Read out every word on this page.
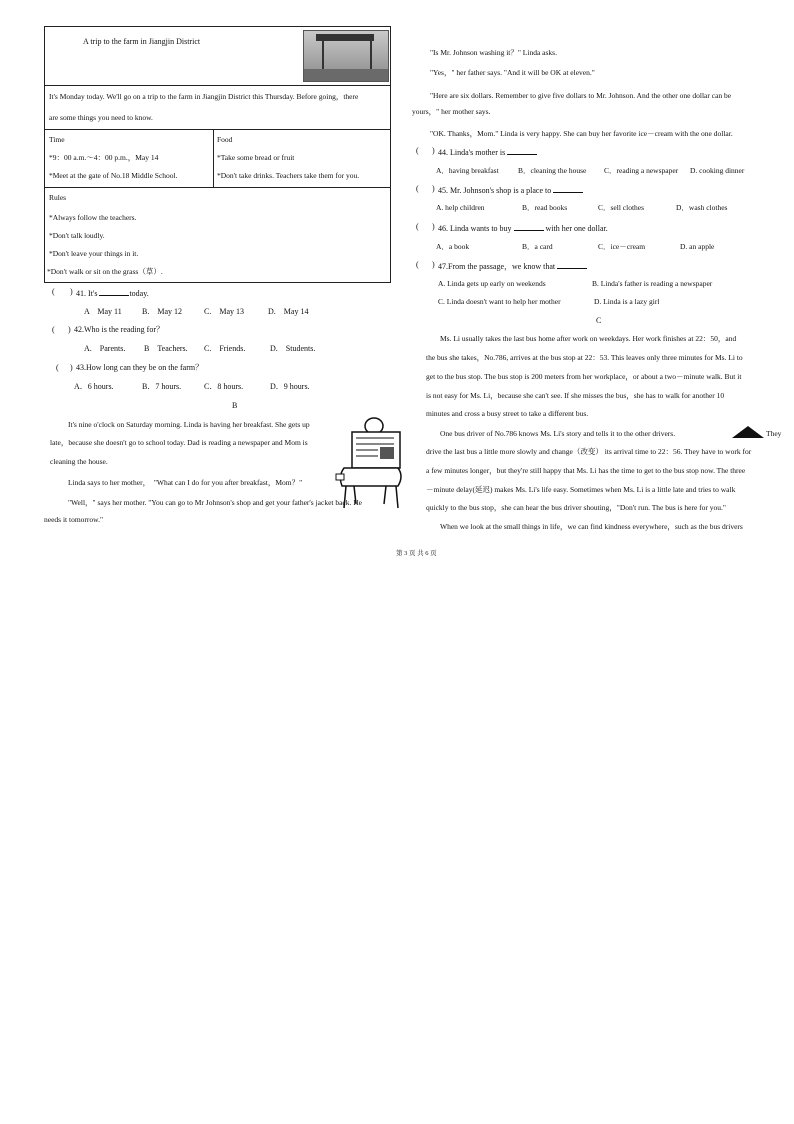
A trip to the farm in Jiangjin District
It's Monday today. We'll go on a trip to the farm in Jiangjin District this Thursday. Before going，there
are some things you need to know.
Time
*9：00 a.m.～4：00 p.m.，May 14
*Meet at the gate of No.18 Middle School.
Food
*Take some bread or fruit
*Don't take drinks. Teachers take them for you.
Rules
*Always follow the teachers.
*Don't talk loudly.
*Don't leave your things in it.
*Don't walk or sit on the grass（草）.
( ) 41. It's	today.
A　May 11	B.　May 12	C.　May 13	D.　May 14
( ) 42.Who is the reading for？
A.　Parents. B　Teachers. C.　Friends.	D.　Students.
( ) 43.How long can they be on the farm？
A．6 hours.	B．7 hours.	C．8 hours.	D．9 hours.
B
It's nine o'clock on Saturday morning. Linda is having her breakfast. She gets up
late，because she doesn't go to school today. Dad is reading a newspaper and Mom is
cleaning the house.
Linda says to her mother，　"What can I do for you after breakfast，Mom？"
"Well，" says her mother. "You can go to Mr Johnson's shop and get your father's jacket back. He
needs it tomorrow."
"Is Mr. Johnson washing it？" Linda asks.
"Yes，" her father says. "And it will be OK at eleven."
"Here are six dollars. Remember to give five dollars to Mr. Johnson. And the other one dollar can be
yours，" her mother says.
"OK. Thanks，Mom." Linda is very happy. She can buy her favorite ice－cream with the one dollar.
( ) 44. Linda's mother is
A．having breakfast	B．cleaning the house C．reading a newspaper D. cooking dinner
( ) 45. Mr. Johnson's shop is a place to
A. help children	B．read books	C．sell clothes	D．wash clothes
( ) 46. Linda wants to buy	with her one dollar.
A．a book	B．a card	C．ice－cream	D. an apple
( ) 47.From the passage，we know that
A. Linda gets up early on weekends	B. Linda's father is reading a newspaper
C. Linda doesn't want to help her mother	D. Linda is a lazy girl
C
Ms. Li usually takes the last bus home after work on weekdays. Her work finishes at 22：50，and
the bus she takes，No.786, arrives at the bus stop at 22：53. This leaves only three minutes for Ms. Li to
get to the bus stop. The bus stop is 200 meters from her workplace，or about a two－minute walk. But it
is not easy for Ms. Li，because she can't see. If she misses the bus，she has to walk for another 10
minutes and cross a busy street to take a different bus.
One bus driver of No.786 knows Ms. Li's story and tells it to the other drivers.	They
drive the last bus a little more slowly and change（改变） its arrival time to 22：56. They have to work for
a few minutes longer，but they're still happy that Ms. Li has the time to get to the bus stop now. The three
－minute delay(延迟) makes Ms. Li's life easy. Sometimes when Ms. Li is a little late and tries to walk
quickly to the bus stop，she can hear the bus driver shouting，"Don't run. The bus is here for you."
When we look at the small things in life，we can find kindness everywhere，such as the bus drivers
第 3 页 共 6 页
